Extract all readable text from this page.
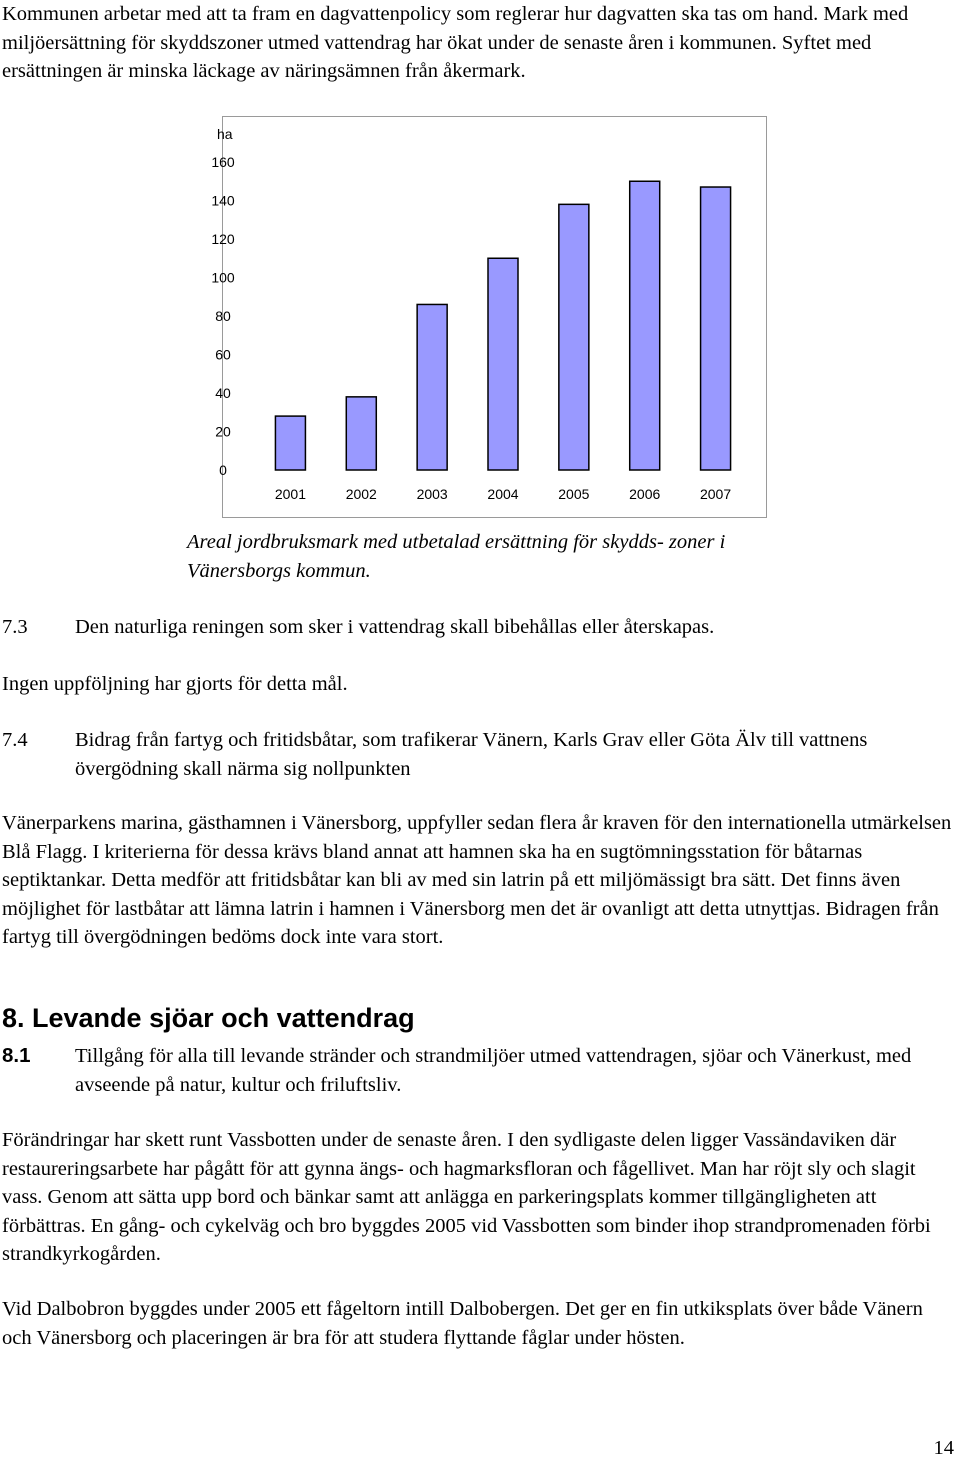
Kommunen arbetar med att ta fram en dagvattenpolicy som reglerar hur dagvatten ska tas om hand. Mark med miljöersättning för skyddszoner utmed vattendrag har ökat under de senaste åren i kommunen. Syftet med ersättningen är minska läckage av näringsämnen från åkermark.

ha
0
20
40
60
80
100
120
140
160
2001	2002	2003	2004	2005	2006	2007
Areal jordbruksmark med utbetalad ersättning för skydds- zoner i Vänersborgs kommun.
7.3 Den naturliga reningen som sker i vattendrag skall bibehållas eller återskapas.

Ingen uppföljning har gjorts för detta mål.

7.4 Bidrag från fartyg och fritidsbåtar, som trafikerar Vänern, Karls Grav eller Göta Älv till vattnens övergödning skall närma sig nollpunkten

Vänerparkens marina, gästhamnen i Vänersborg, uppfyller sedan flera år kraven för den internationella utmärkelsen Blå Flagg. I kriterierna för dessa krävs bland annat att hamnen ska ha en sugtömningsstation för båtarnas septiktankar. Detta medför att fritidsbåtar kan bli av med sin latrin på ett miljömässigt bra sätt. Det finns även möjlighet för lastbåtar att lämna latrin i hamnen i Vänersborg men det är ovanligt att detta utnyttjas. Bidragen från fartyg till övergödningen bedöms dock inte vara stort.

8. Levande sjöar och vattendrag
8.1 Tillgång för alla till levande stränder och strandmiljöer utmed vattendragen, sjöar och Vänerkust, med avseende på natur, kultur och friluftsliv.

Förändringar har skett runt Vassbotten under de senaste åren. I den sydligaste delen ligger Vassändaviken där restaureringsarbete har pågått för att gynna ängs- och hagmarksfloran och fågellivet. Man har röjt sly och slagit vass. Genom att sätta upp bord och bänkar samt att anlägga en parkeringsplats kommer tillgängligheten att förbättras. En gång- och cykelväg och bro byggdes 2005 vid Vassbotten som binder ihop strandpromenaden förbi strandkyrkogården.

Vid Dalbobron byggdes under 2005 ett fågeltorn intill Dalbobergen. Det ger en fin utkiksplats över både Vänern och Vänersborg och placeringen är bra för att studera flyttande fåglar under hösten.

14
